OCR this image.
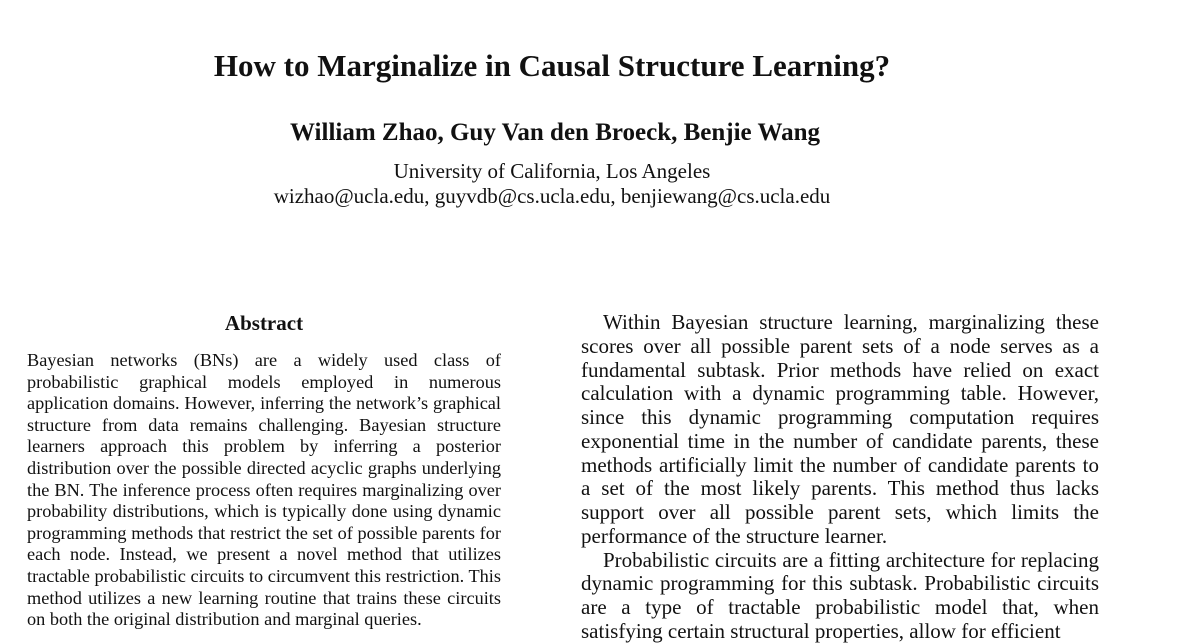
How to Marginalize in Causal Structure Learning?
William Zhao, Guy Van den Broeck, Benjie Wang
University of California, Los Angeles
wizhao@ucla.edu, guyvdb@cs.ucla.edu, benjiewang@cs.ucla.edu
Abstract

Bayesian networks (BNs) are a widely used class of probabilistic graphical models employed in numerous application domains. However, inferring the network’s graphical structure from data remains challenging. Bayesian structure learners approach this problem by inferring a posterior distribution over the possible directed acyclic graphs underlying the BN. The inference process often requires marginalizing over probability distributions, which is typically done using dynamic programming methods that restrict the set of possible parents for each node. Instead, we present a novel method that utilizes tractable probabilistic circuits to circumvent this restriction. This method utilizes a new learning routine that trains these circuits on both the original distribution and marginal queries.

Within Bayesian structure learning, marginalizing these scores over all possible parent sets of a node serves as a fundamental subtask. Prior methods have relied on exact calculation with a dynamic programming table. However, since this dynamic programming computation requires exponential time in the number of candidate parents, these methods artificially limit the number of candidate parents to a set of the most likely parents. This method thus lacks support over all possible parent sets, which limits the performance of the structure learner.

Probabilistic circuits are a fitting architecture for replacing dynamic programming for this subtask. Probabilistic circuits are a type of tractable probabilistic model that, when satisfying certain structural properties, allow for efficient
